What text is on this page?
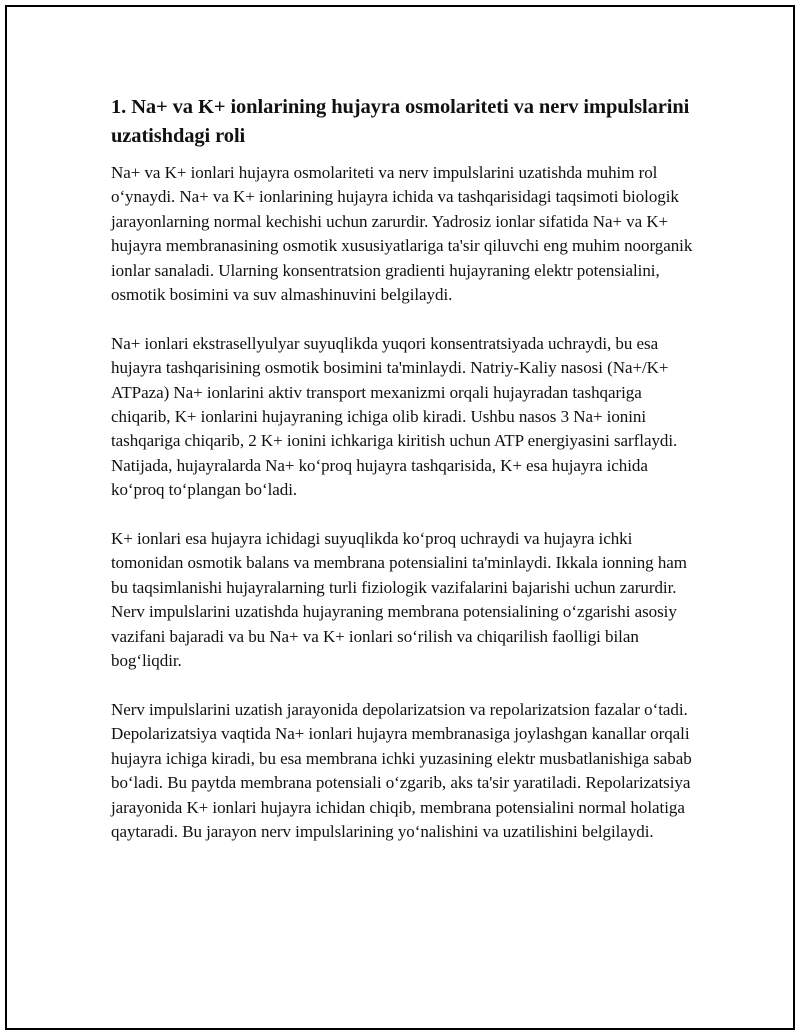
1. Na+ va K+ ionlarining hujayra osmolariteti va nerv impulslarini uzatishdagi roli

Na+ va K+ ionlari hujayra osmolariteti va nerv impulslarini uzatishda muhim rol o‘ynaydi. Na+ va K+ ionlarining hujayra ichida va tashqarisidagi taqsimoti biologik jarayonlarning normal kechishi uchun zarurdir. Yadrosiz ionlar sifatida Na+ va K+ hujayra membranasining osmotik xususiyatlariga ta'sir qiluvchi eng muhim noorganik ionlar sanaladi. Ularning konsentratsion gradienti hujayraning elektr potensialini, osmotik bosimini va suv almashinuvini belgilaydi.

Na+ ionlari ekstrasellyulyar suyuqlikda yuqori konsentratsiyada uchraydi, bu esa hujayra tashqarisining osmotik bosimini ta'minlaydi. Natriy-Kaliy nasosi (Na+/K+ ATPaza) Na+ ionlarini aktiv transport mexanizmi orqali hujayradan tashqariga chiqarib, K+ ionlarini hujayraning ichiga olib kiradi. Ushbu nasos 3 Na+ ionini tashqariga chiqarib, 2 K+ ionini ichkariga kiritish uchun ATP energiyasini sarflaydi. Natijada, hujayralarda Na+ ko‘proq hujayra tashqarisida, K+ esa hujayra ichida ko‘proq to‘plangan bo‘ladi.

K+ ionlari esa hujayra ichidagi suyuqlikda ko‘proq uchraydi va hujayra ichki tomonidan osmotik balans va membrana potensialini ta'minlaydi. Ikkala ionning ham bu taqsimlanishi hujayralarning turli fiziologik vazifalarini bajarishi uchun zarurdir. Nerv impulslarini uzatishda hujayraning membrana potensialining o‘zgarishi asosiy vazifani bajaradi va bu Na+ va K+ ionlari so‘rilish va chiqarilish faolligi bilan bog‘liqdir.

Nerv impulslarini uzatish jarayonida depolarizatsion va repolarizatsion fazalar o‘tadi. Depolarizatsiya vaqtida Na+ ionlari hujayra membranasiga joylashgan kanallar orqali hujayra ichiga kiradi, bu esa membrana ichki yuzasining elektr musbatlanishiga sabab bo‘ladi. Bu paytda membrana potensiali o‘zgarib, aks ta'sir yaratiladi. Repolarizatsiya jarayonida K+ ionlari hujayra ichidan chiqib, membrana potensialini normal holatiga qaytaradi. Bu jarayon nerv impulslarining yo‘nalishini va uzatilishini belgilaydi.
